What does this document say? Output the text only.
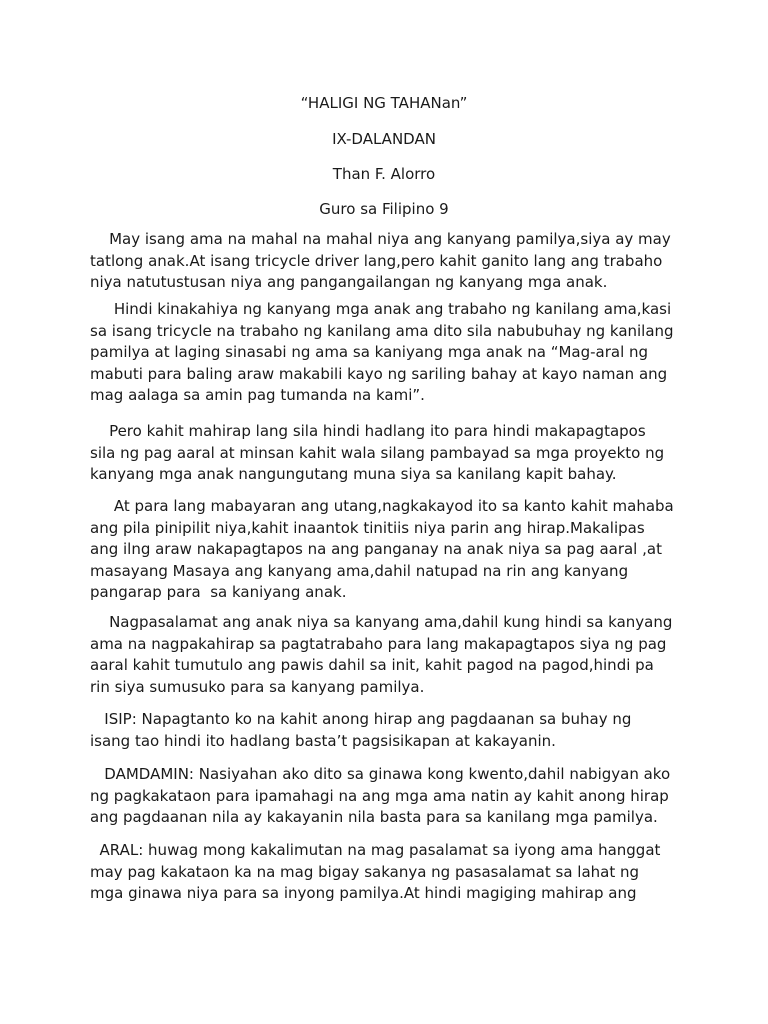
“HALIGI NG TAHANan”
IX-DALANDAN
Than F. Alorro
Guro sa Filipino 9
May isang ama na mahal na mahal niya ang kanyang pamilya,siya ay may
tatlong anak.At isang tricycle driver lang,pero kahit ganito lang ang trabaho
niya natutustusan niya ang pangangailangan ng kanyang mga anak.
Hindi kinakahiya ng kanyang mga anak ang trabaho ng kanilang ama,kasi
sa isang tricycle na trabaho ng kanilang ama dito sila nabubuhay ng kanilang
pamilya at laging sinasabi ng ama sa kaniyang mga anak na “Mag-aral ng
mabuti para baling araw makabili kayo ng sariling bahay at kayo naman ang
mag aalaga sa amin pag tumanda na kami”.
Pero kahit mahirap lang sila hindi hadlang ito para hindi makapagtapos
sila ng pag aaral at minsan kahit wala silang pambayad sa mga proyekto ng
kanyang mga anak nangungutang muna siya sa kanilang kapit bahay.
At para lang mabayaran ang utang,nagkakayod ito sa kanto kahit mahaba
ang pila pinipilit niya,kahit inaantok tinitiis niya parin ang hirap.Makalipas
ang ilng araw nakapagtapos na ang panganay na anak niya sa pag aaral ,at
masayang Masaya ang kanyang ama,dahil natupad na rin ang kanyang
pangarap para  sa kaniyang anak.
Nagpasalamat ang anak niya sa kanyang ama,dahil kung hindi sa kanyang
ama na nagpakahirap sa pagtatrabaho para lang makapagtapos siya ng pag
aaral kahit tumutulo ang pawis dahil sa init, kahit pagod na pagod,hindi pa
rin siya sumusuko para sa kanyang pamilya.
ISIP: Napagtanto ko na kahit anong hirap ang pagdaanan sa buhay ng
isang tao hindi ito hadlang basta’t pagsisikapan at kakayanin.
DAMDAMIN: Nasiyahan ako dito sa ginawa kong kwento,dahil nabigyan ako
ng pagkakataon para ipamahagi na ang mga ama natin ay kahit anong hirap
ang pagdaanan nila ay kakayanin nila basta para sa kanilang mga pamilya.
ARAL: huwag mong kakalimutan na mag pasalamat sa iyong ama hanggat
may pag kakataon ka na mag bigay sakanya ng pasasalamat sa lahat ng
mga ginawa niya para sa inyong pamilya.At hindi magiging mahirap ang
